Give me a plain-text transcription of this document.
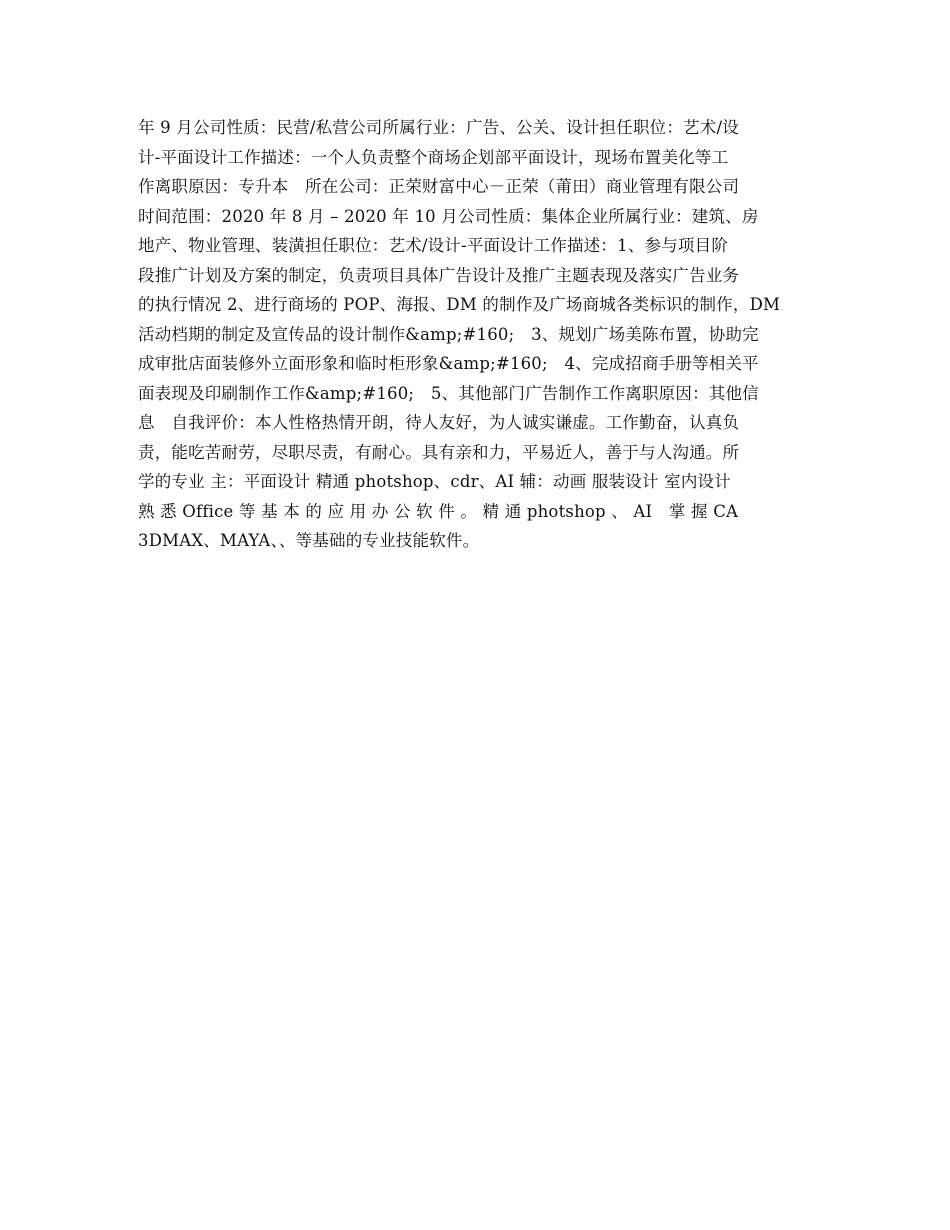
年 9 月公司性质：民营/私营公司所属行业：广告、公关、设计担任职位：艺术/设
计-平面设计工作描述：一个人负责整个商场企划部平面设计，现场布置美化等工
作离职原因：专升本　所在公司：正荣财富中心－正荣（莆田）商业管理有限公司
时间范围：2020 年 8 月 – 2020 年 10 月公司性质：集体企业所属行业：建筑、房
地产、物业管理、装潢担任职位：艺术/设计-平面设计工作描述：1、参与项目阶
段推广计划及方案的制定，负责项目具体广告设计及推广主题表现及落实广告业务
的执行情况 2、进行商场的 POP、海报、DM 的制作及广场商城各类标识的制作，DM
活动档期的制定及宣传品的设计制作&amp;#160;　3、规划广场美陈布置，协助完
成审批店面装修外立面形象和临时柜形象&amp;#160;　4、完成招商手册等相关平
面表现及印刷制作工作&amp;#160;　5、其他部门广告制作工作离职原因：其他信
息　自我评价：本人性格热情开朗，待人友好，为人诚实谦虚。工作勤奋，认真负
责，能吃苦耐劳，尽职尽责，有耐心。具有亲和力，平易近人，善于与人沟通。所
学的专业 主：平面设计 精通 photshop、cdr、AI 辅：动画 服装设计 室内设计
熟 悉 Office 等 基 本 的 应 用 办 公 软 件 。 精 通 photshop 、 AI　掌 握 CA
3DMAX、MAYA、、等基础的专业技能软件。
